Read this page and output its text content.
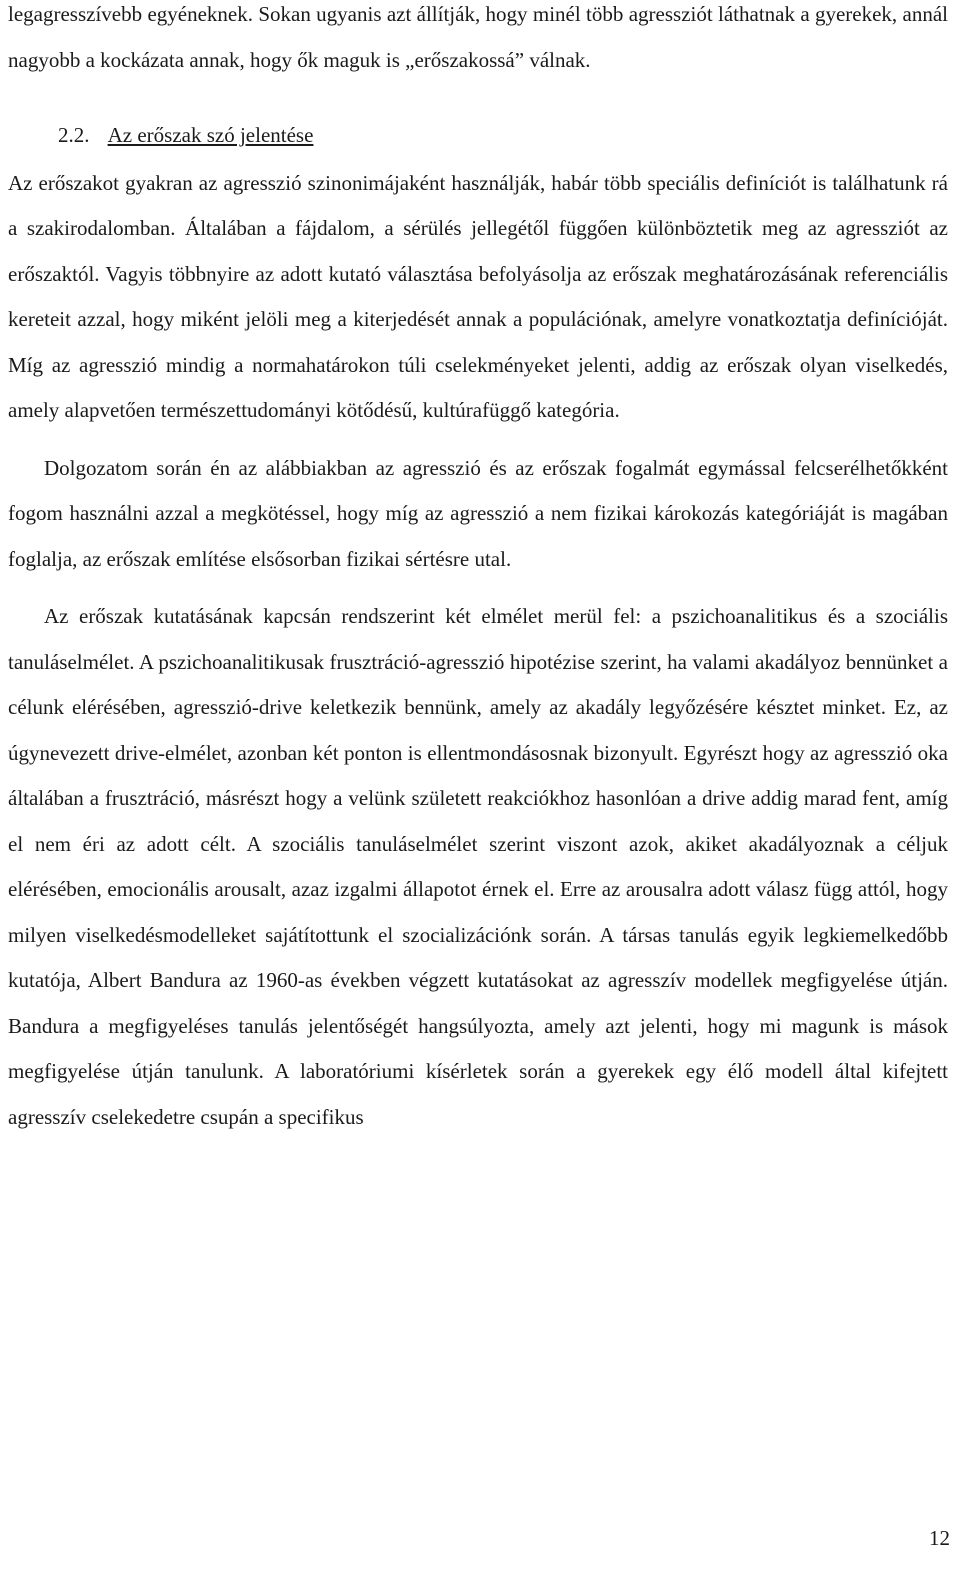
legagresszívebb egyéneknek. Sokan ugyanis azt állítják, hogy minél több agressziót láthatnak a gyerekek, annál nagyobb a kockázata annak, hogy ők maguk is „erőszakossá” válnak.

2.2. Az erőszak szó jelentése

Az erőszakot gyakran az agresszió szinonimájaként használják, habár több speciális definíciót is találhatunk rá a szakirodalomban. Általában a fájdalom, a sérülés jellegétől függően különböztetik meg az agressziót az erőszaktól. Vagyis többnyire az adott kutató választása befolyásolja az erőszak meghatározásának referenciális kereteit azzal, hogy miként jelöli meg a kiterjedését annak a populációnak, amelyre vonatkoztatja definícióját. Míg az agresszió mindig a normahatárokon túli cselekményeket jelenti, addig az erőszak olyan viselkedés, amely alapvetően természettudományi kötődésű, kultúrafüggő kategória.

Dolgozatom során én az alábbiakban az agresszió és az erőszak fogalmát egymással felcserélhetőkként fogom használni azzal a megkötéssel, hogy míg az agresszió a nem fizikai károkozás kategóriáját is magában foglalja, az erőszak említése elsősorban fizikai sértésre utal.

Az erőszak kutatásának kapcsán rendszerint két elmélet merül fel: a pszichoanalitikus és a szociális tanuláselmélet. A pszichoanalitikusak frusztráció-agresszió hipotézise szerint, ha valami akadályoz bennünket a célunk elérésében, agresszió-drive keletkezik bennünk, amely az akadály legyőzésére késztet minket. Ez, az úgynevezett drive-elmélet, azonban két ponton is ellentmondásosnak bizonyult. Egyrészt hogy az agresszió oka általában a frusztráció, másrészt hogy a velünk született reakciókhoz hasonlóan a drive addig marad fent, amíg el nem éri az adott célt. A szociális tanuláselmélet szerint viszont azok, akiket akadályoznak a céljuk elérésében, emocionális arousalt, azaz izgalmi állapotot érnek el. Erre az arousalra adott válasz függ attól, hogy milyen viselkedésmodelleket sajátítottunk el szocializációnk során. A társas tanulás egyik legkiemelkedőbb kutatója, Albert Bandura az 1960-as években végzett kutatásokat az agresszív modellek megfigyelése útján. Bandura a megfigyeléses tanulás jelentőségét hangsúlyozta, amely azt jelenti, hogy mi magunk is mások megfigyelése útján tanulunk. A laboratóriumi kísérletek során a gyerekek egy élő modell által kifejtett agresszív cselekedetre csupán a specifikus

12
